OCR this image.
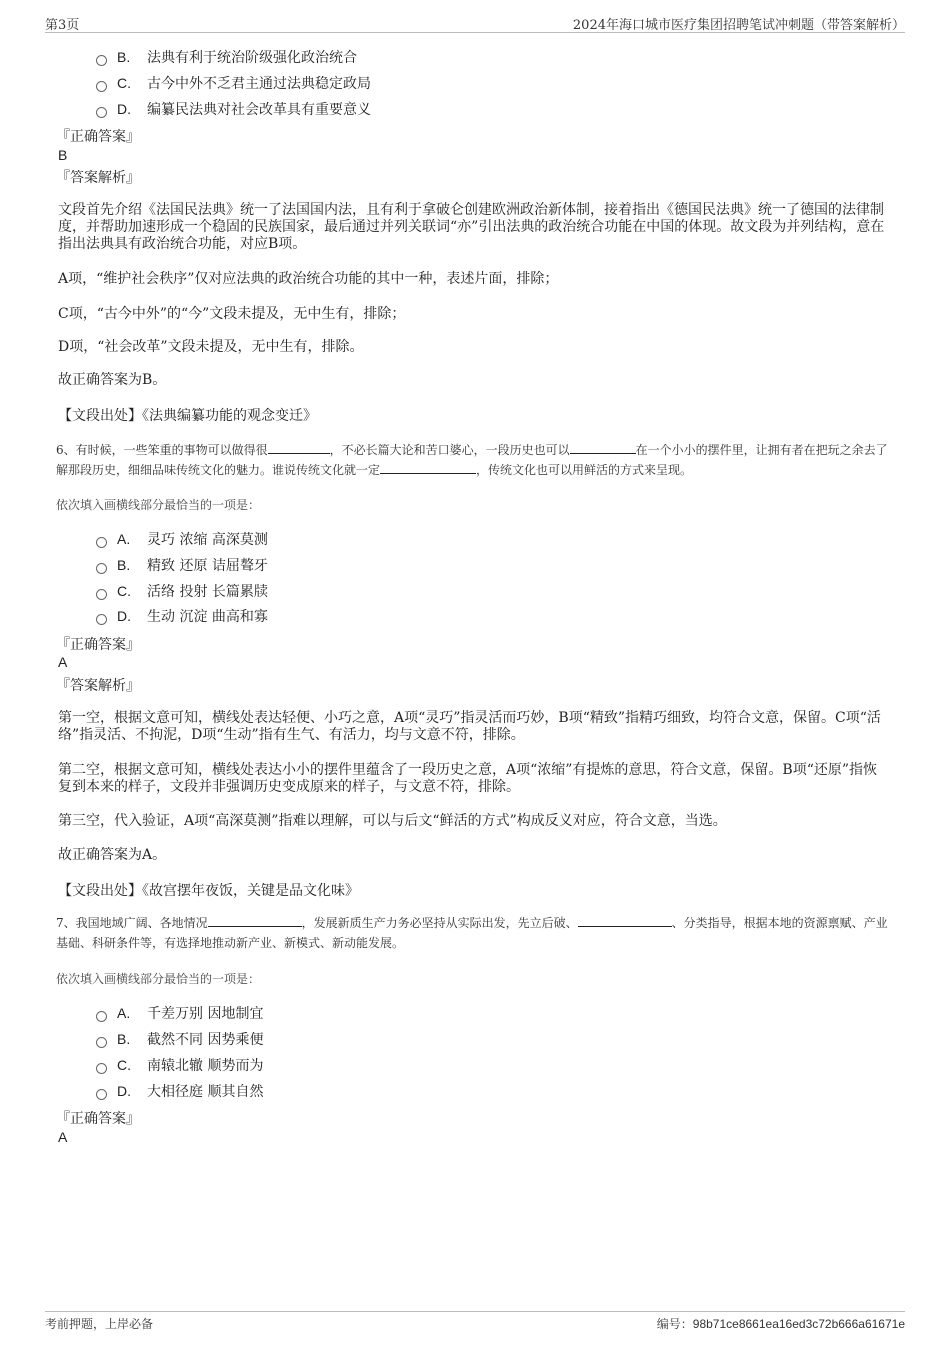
第3页	2024年海口城市医疗集团招聘笔试冲刺题（带答案解析）
B. 法典有利于统治阶级强化政治统合
C. 古今中外不乏君主通过法典稳定政局
D. 编纂民法典对社会改革具有重要意义
『正确答案』
B
『答案解析』
文段首先介绍《法国民法典》统一了法国国内法，且有利于拿破仑创建欧洲政治新体制，接着指出《德国民法典》统一了德国的法律制度，并帮助加速形成一个稳固的民族国家，最后通过并列关联词“亦”引出法典的政治统合功能在中国的体现。故文段为并列结构，意在指出法典具有政治统合功能，对应B项。
A项，“维护社会秩序”仅对应法典的政治统合功能的其中一种，表述片面，排除；
C项，“古今中外”的“今”文段未提及，无中生有，排除；
D项，“社会改革”文段未提及，无中生有，排除。
故正确答案为B。
【文段出处】《法典编纂功能的观念变迁》
6、有时候，一些笨重的事物可以做得很	，不必长篇大论和苦口婆心，一段历史也可以	在一个小小的摆件里，让拥有者在把玩之余去了解那段历史，细细品味传统文化的魅力。谁说传统文化就一定	，传统文化也可以用鲜活的方式来呈现。
依次填入画横线部分最恰当的一项是：
A. 灵巧 浓缩 高深莫测
B. 精致 还原 诘屈聱牙
C. 活络 投射 长篇累牍
D. 生动 沉淀 曲高和寡
『正确答案』
A
『答案解析』
第一空，根据文意可知，横线处表达轻便、小巧之意，A项“灵巧”指灵活而巧妙，B项“精致”指精巧细致，均符合文意，保留。C项“活络”指灵活、不拘泥，D项“生动”指有生气、有活力，均与文意不符，排除。
第二空，根据文意可知，横线处表达小小的摆件里蕴含了一段历史之意，A项“浓缩”有提炼的意思，符合文意，保留。B项“还原”指恢复到本来的样子，文段并非强调历史变成原来的样子，与文意不符，排除。
第三空，代入验证，A项“高深莫测”指难以理解，可以与后文“鲜活的方式”构成反义对应，符合文意，当选。
故正确答案为A。
【文段出处】《故宫摆年夜饭，关键是品文化味》
7、我国地域广阔、各地情况	，发展新质生产力务必坚持从实际出发，先立后破、	、分类指导，根据本地的资源禀赋、产业基础、科研条件等，有选择地推动新产业、新模式、新动能发展。
依次填入画横线部分最恰当的一项是：
A. 千差万别 因地制宜
B. 截然不同 因势乘便
C. 南辕北辙 顺势而为
D. 大相径庭 顺其自然
『正确答案』
A
考前押题，上岸必备	编号：98b71ce8661ea16ed3c72b666a61671e
